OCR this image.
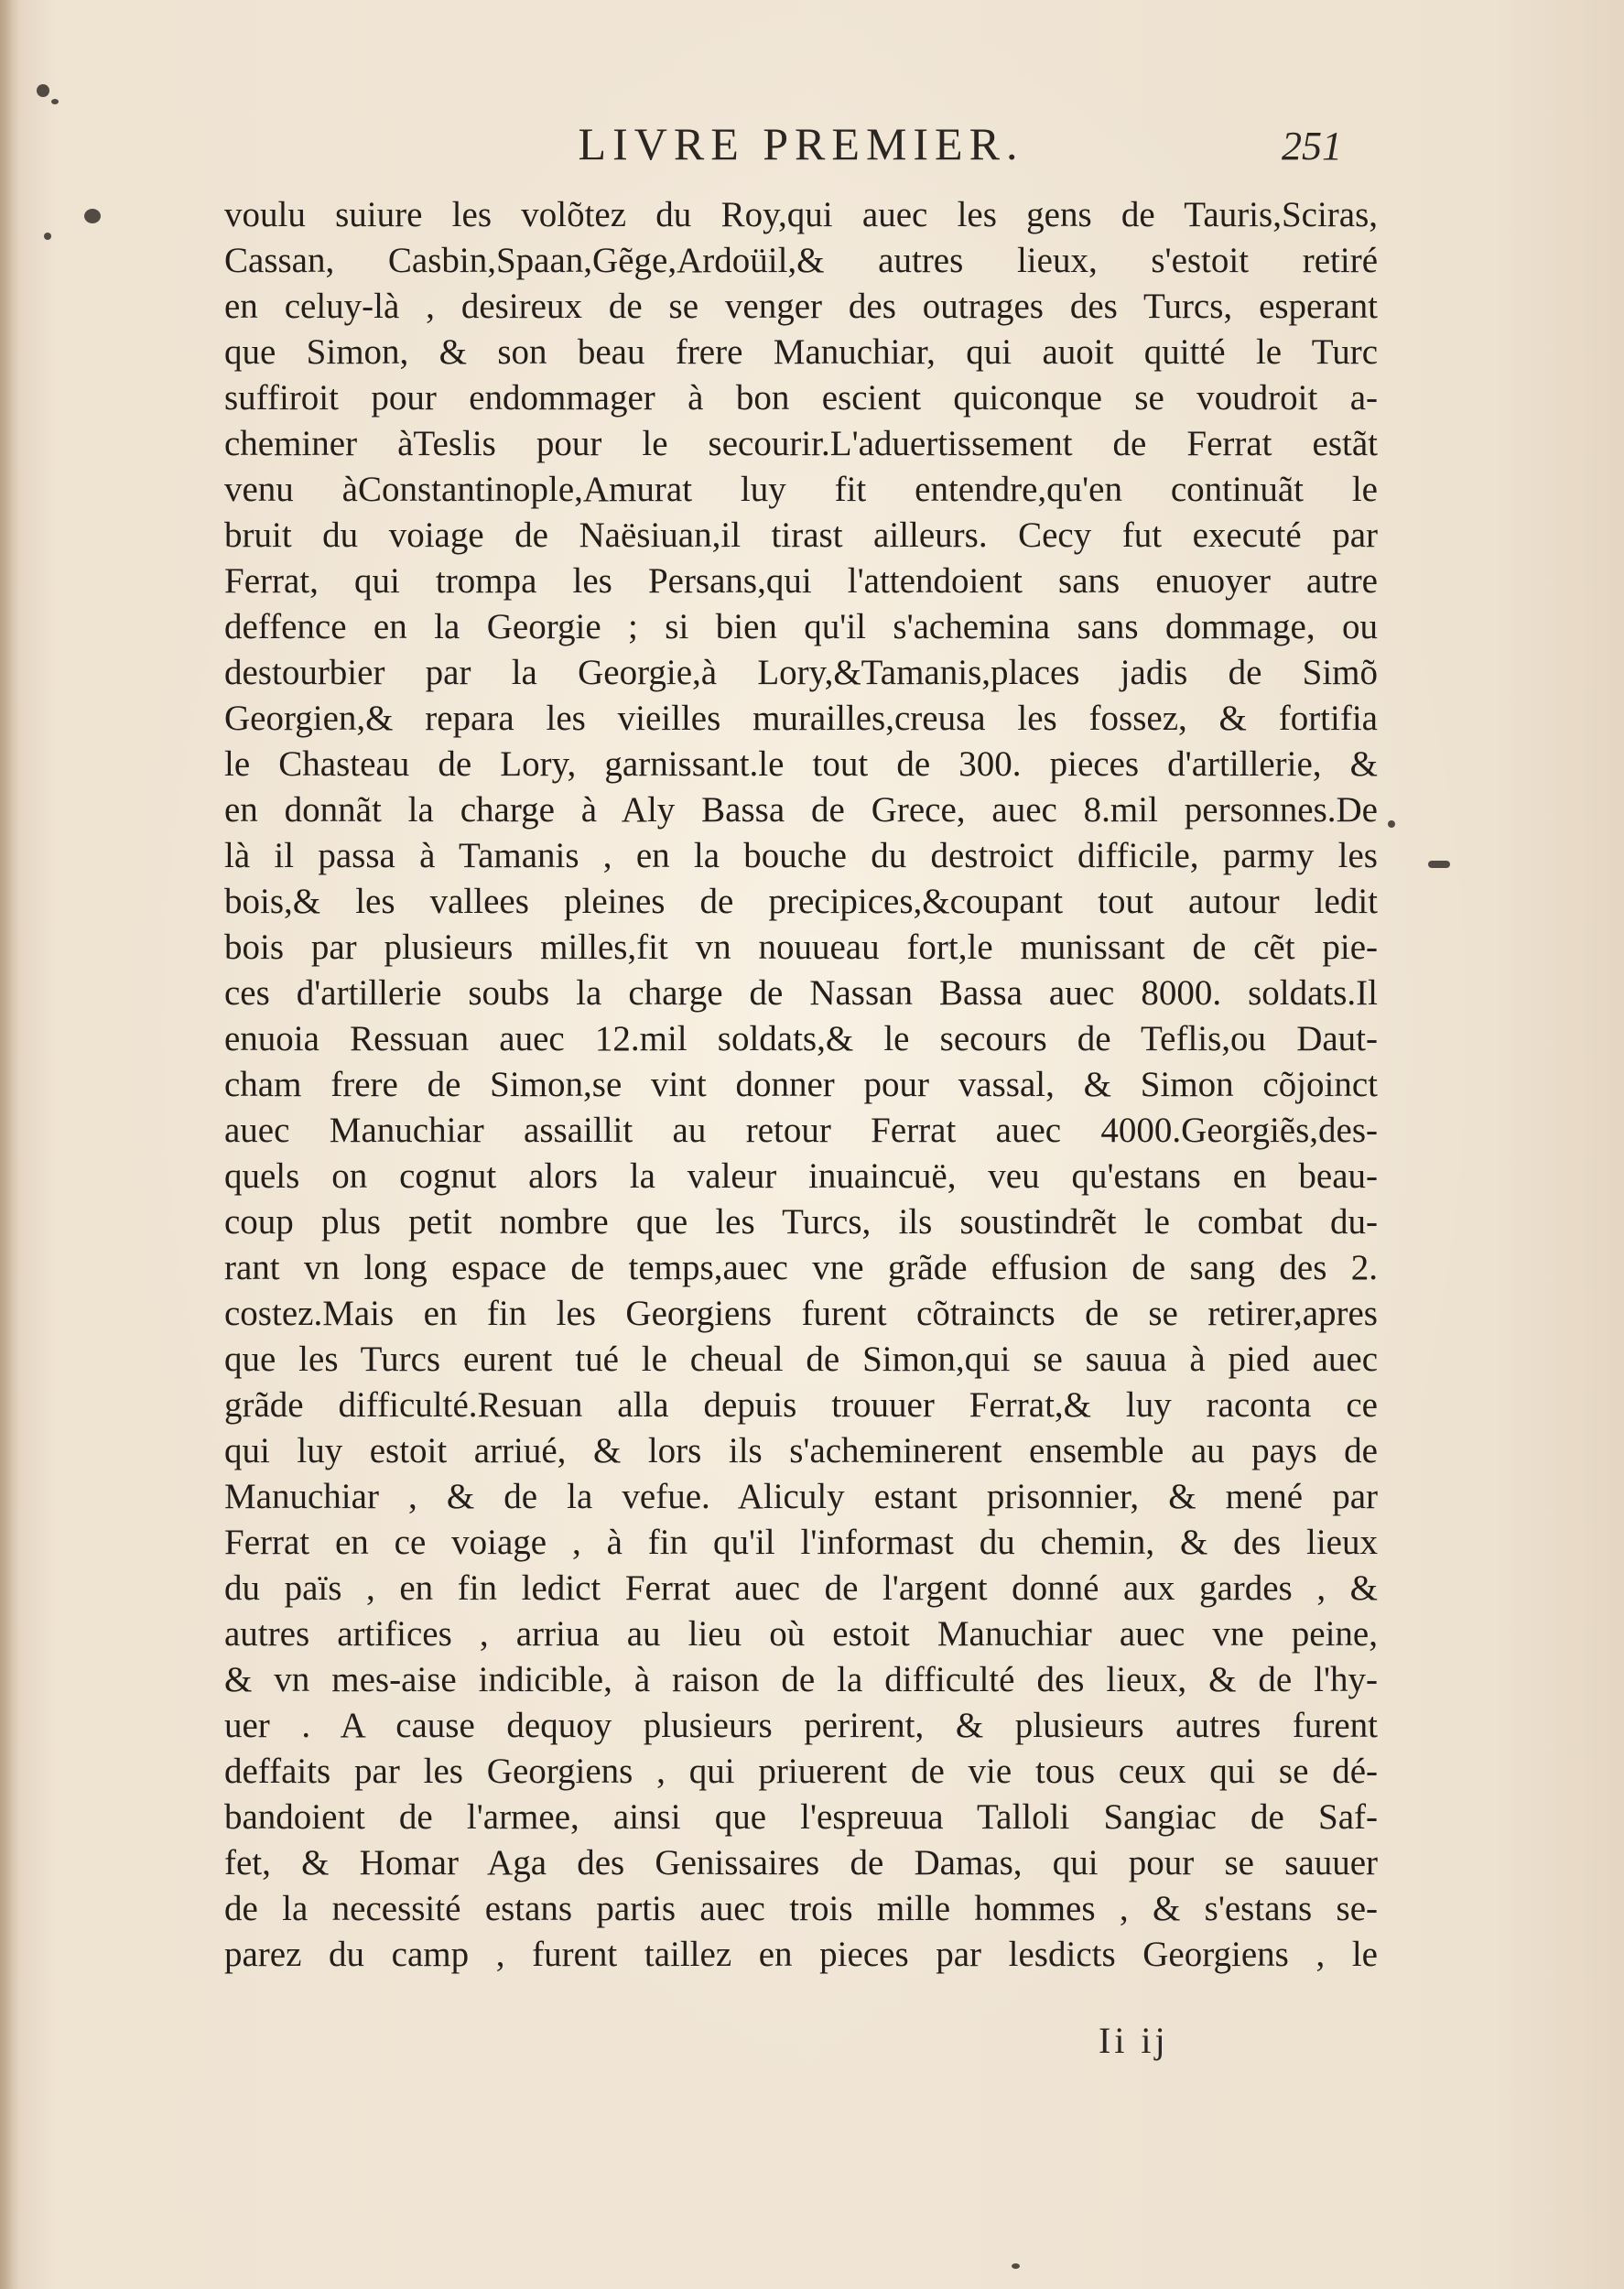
LIVRE PREMIER.	251
voulu suiure les volõtez du Roy,qui auec les gens de Tauris,Sciras,
Cassan, Casbin,Spaan,Gẽge,Ardoüil,& autres lieux, s'estoit retiré
en celuy-là , desireux de se venger des outrages des Turcs, esperant
que Simon, & son beau frere Manuchiar, qui auoit quitté le Turc
suffiroit pour endommager à bon escient quiconque se voudroit a-
cheminer àTeslis pour le secourir.L'aduertissement de Ferrat estãt
venu àConstantinople,Amurat luy fit entendre,qu'en continuãt le
bruit du voiage de Naësiuan,il tirast ailleurs. Cecy fut executé par
Ferrat, qui trompa les Persans,qui l'attendoient sans enuoyer autre
deffence en la Georgie ; si bien qu'il s'achemina sans dommage, ou
destourbier par la Georgie,à Lory,&Tamanis,places jadis de Simõ
Georgien,& repara les vieilles murailles,creusa les fossez, & fortifia
le Chasteau de Lory, garnissant.le tout de 300. pieces d'artillerie, &
en donnãt la charge à Aly Bassa de Grece, auec 8.mil personnes.De
là il passa à Tamanis , en la bouche du destroict difficile, parmy les
bois,& les vallees pleines de precipices,&coupant tout autour ledit
bois par plusieurs milles,fit vn nouueau fort,le munissant de cẽt pie-
ces d'artillerie soubs la charge de Nassan Bassa auec 8000. soldats.Il
enuoia Ressuan auec 12.mil soldats,& le secours de Teflis,ou Daut-
cham frere de Simon,se vint donner pour vassal, & Simon cõjoinct
auec Manuchiar assaillit au retour Ferrat auec 4000.Georgiẽs,des-
quels on cognut alors la valeur inuaincuë, veu qu'estans en beau-
coup plus petit nombre que les Turcs, ils soustindrẽt le combat du-
rant vn long espace de temps,auec vne grãde effusion de sang des 2.
costez.Mais en fin les Georgiens furent cõtraincts de se retirer,apres
que les Turcs eurent tué le cheual de Simon,qui se sauua à pied auec
grãde difficulté.Resuan alla depuis trouuer Ferrat,& luy raconta ce
qui luy estoit arriué, & lors ils s'acheminerent ensemble au pays de
Manuchiar , & de la vefue. Aliculy estant prisonnier, & mené par
Ferrat en ce voiage , à fin qu'il l'informast du chemin, & des lieux
du païs , en fin ledict Ferrat auec de l'argent donné aux gardes , &
autres artifices , arriua au lieu où estoit Manuchiar auec vne peine,
& vn mes-aise indicible, à raison de la difficulté des lieux, & de l'hy-
uer . A cause dequoy plusieurs perirent, & plusieurs autres furent
deffaits par les Georgiens , qui priuerent de vie tous ceux qui se dé-
bandoient de l'armee, ainsi que l'espreuua Talloli Sangiac de Saf-
fet, & Homar Aga des Genissaires de Damas, qui pour se sauuer
de la necessité estans partis auec trois mille hommes , & s'estans se-
parez du camp , furent taillez en pieces par lesdicts Georgiens , le
Ii ij
